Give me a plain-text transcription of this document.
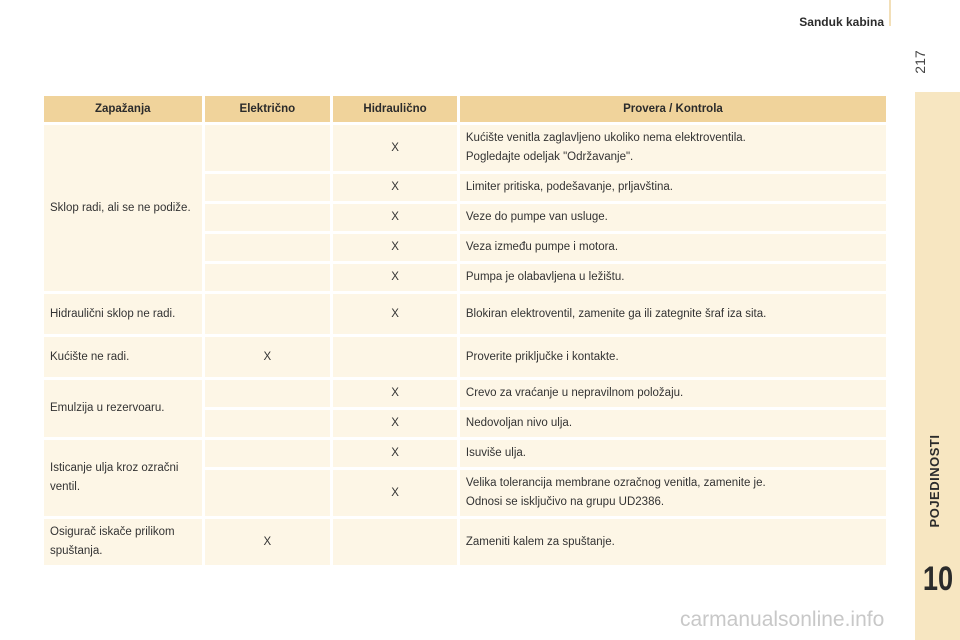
Sanduk kabina
217
POJEDINOSTI
10
Zapažanja	Električno	Hidraulično	Provera / Kontrola
Sklop radi, ali se ne podiže.		X	Kućište venitla zaglavljeno ukoliko nema elektroventila.
Pogledajte odeljak "Održavanje".

		X	Limiter pritiska, podešavanje, prljavština.

		X	Veze do pumpe van usluge.

		X	Veza između pumpe i motora.

		X	Pumpa je olabavljena u ležištu.

Hidraulični sklop ne radi.		X	Blokiran elektroventil, zamenite ga ili zategnite šraf iza sita.

Kućište ne radi.	X		Proverite priključke i kontakte.

Emulzija u rezervoaru.		X	Crevo za vraćanje u nepravilnom položaju.

		X	Nedovoljan nivo ulja.

Isticanje ulja kroz ozračni ventil.		X	Isuviše ulja.

		X	Velika tolerancija membrane ozračnog venitla, zamenite je.
Odnosi se isključivo na grupu UD2386.

Osigurač iskače prilikom spuštanja.	X		Zameniti kalem za spuštanje.
carmanualsonline.info
